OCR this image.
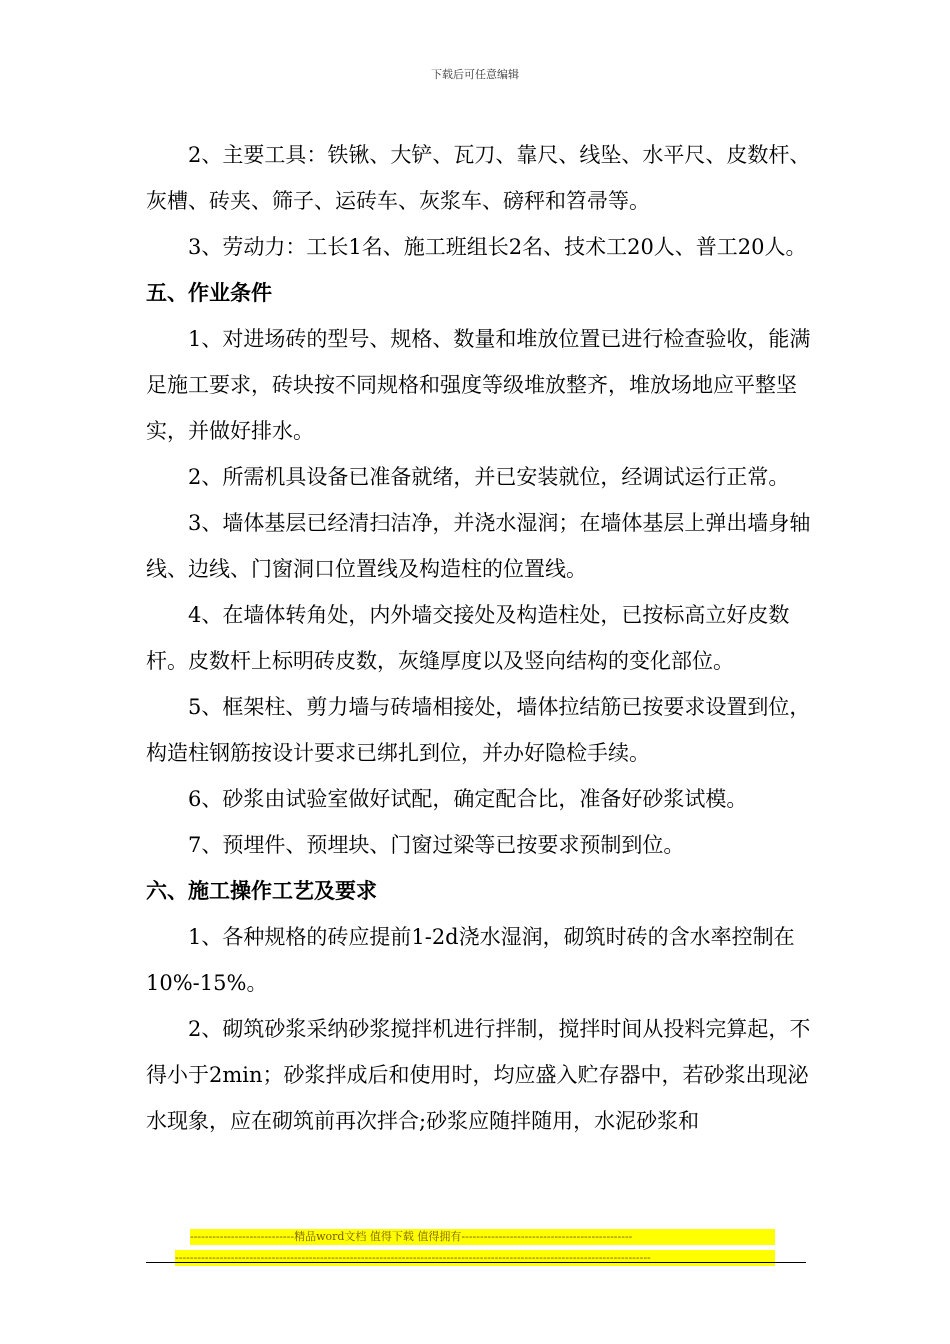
下载后可任意编辑

2、主要工具：铁锹、大铲、瓦刀、靠尺、线坠、水平尺、皮数杆、灰槽、砖夹、筛子、运砖车、灰浆车、磅秤和笤帚等。

3、劳动力：工长1名、施工班组长2名、技术工20人、普工20人。

五、作业条件

1、对进场砖的型号、规格、数量和堆放位置已进行检查验收，能满足施工要求，砖块按不同规格和强度等级堆放整齐，堆放场地应平整坚实，并做好排水。

2、所需机具设备已准备就绪，并已安装就位，经调试运行正常。

3、墙体基层已经清扫洁净，并浇水湿润；在墙体基层上弹出墙身轴线、边线、门窗洞口位置线及构造柱的位置线。

4、在墙体转角处，内外墙交接处及构造柱处，已按标高立好皮数杆。皮数杆上标明砖皮数，灰缝厚度以及竖向结构的变化部位。

5、框架柱、剪力墙与砖墙相接处，墙体拉结筋已按要求设置到位，构造柱钢筋按设计要求已绑扎到位，并办好隐检手续。

6、砂浆由试验室做好试配，确定配合比，准备好砂浆试模。

7、预埋件、预埋块、门窗过梁等已按要求预制到位。

六、施工操作工艺及要求

1、各种规格的砖应提前1-2d浇水湿润，砌筑时砖的含水率控制在10%-15%。

2、砌筑砂浆采纳砂浆搅拌机进行拌制，搅拌时间从投料完算起，不得小于2min；砂浆拌成后和使用时，均应盛入贮存器中，若砂浆出现泌水现象，应在砌筑前再次拌合;砂浆应随拌随用，水泥砂浆和

----------------------------精品word文档 值得下载 值得拥有---------------------------------------------- --------------------------------------------------------------------------------------------------------------------------------
